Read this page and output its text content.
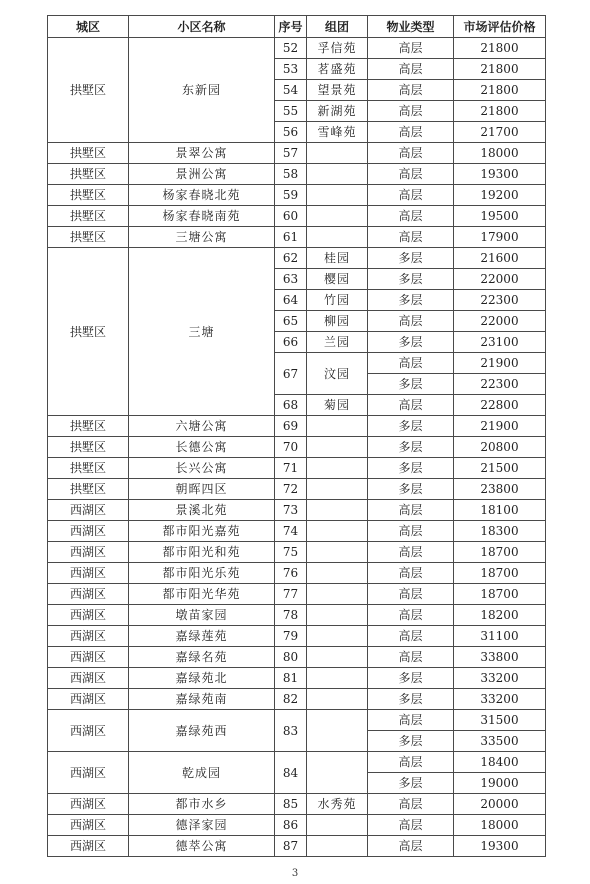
城区	小区名称	序号	组团	物业类型	市场评估价格
拱墅区	东新园	52	孚信苑	高层	21800
		53	茗盛苑	高层	21800
		54	望景苑	高层	21800
		55	新湖苑	高层	21800
		56	雪峰苑	高层	21700
拱墅区	景翠公寓	57		高层	18000
拱墅区	景洲公寓	58		高层	19300
拱墅区	杨家春晓北苑	59		高层	19200
拱墅区	杨家春晓南苑	60		高层	19500
拱墅区	三塘公寓	61		高层	17900
拱墅区	三塘	62	桂园	多层	21600
		63	樱园	多层	22000
		64	竹园	多层	22300
		65	柳园	高层	22000
		66	兰园	多层	23100
		67	汶园	高层	21900
				多层	22300
		68	菊园	高层	22800
拱墅区	六塘公寓	69		多层	21900
拱墅区	长德公寓	70		多层	20800
拱墅区	长兴公寓	71		多层	21500
拱墅区	朝晖四区	72		多层	23800
西湖区	景溪北苑	73		高层	18100
西湖区	都市阳光嘉苑	74		高层	18300
西湖区	都市阳光和苑	75		高层	18700
西湖区	都市阳光乐苑	76		高层	18700
西湖区	都市阳光华苑	77		高层	18700
西湖区	墩苗家园	78		高层	18200
西湖区	嘉绿莲苑	79		高层	31100
西湖区	嘉绿名苑	80		高层	33800
西湖区	嘉绿苑北	81		多层	33200
西湖区	嘉绿苑南	82		多层	33200
西湖区	嘉绿苑西	83		高层	31500
				多层	33500
西湖区	乾成园	84		高层	18400
				多层	19000
西湖区	都市水乡	85	水秀苑	高层	20000
西湖区	德泽家园	86		高层	18000
西湖区	德萃公寓	87		高层	19300
3
